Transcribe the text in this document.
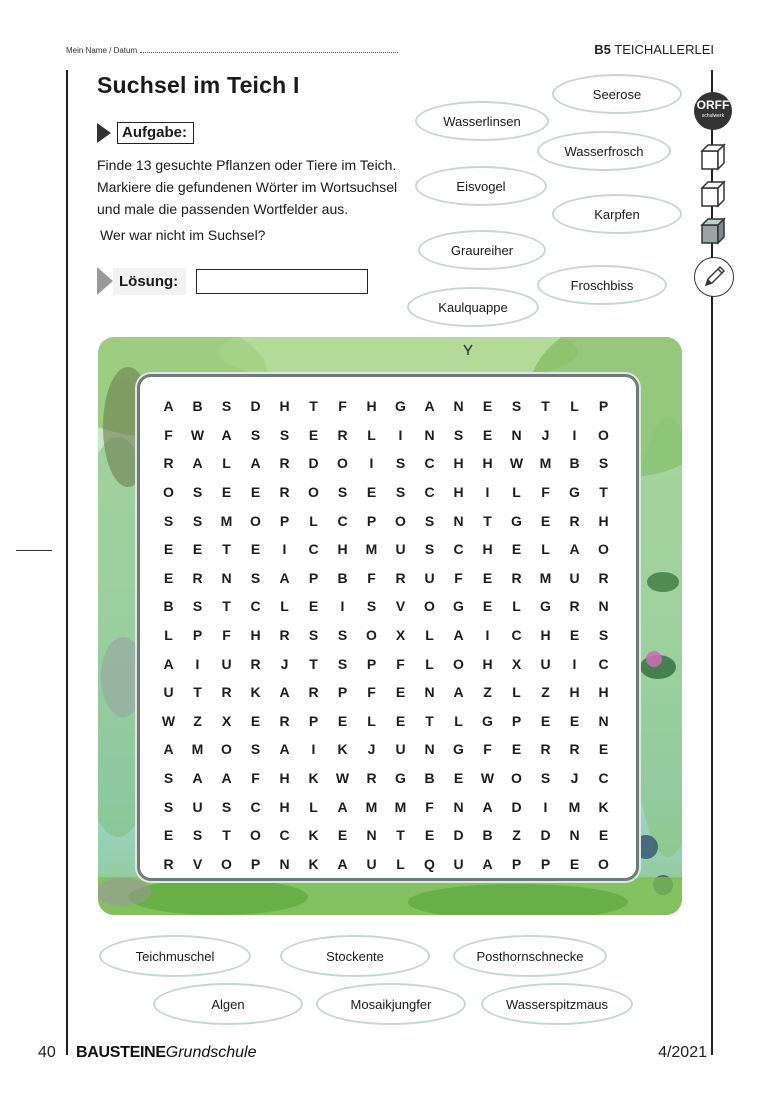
Mein Name / Datum	B5 TEICHALLERLEI
Suchsel im Teich I
Aufgabe:
Finde 13 gesuchte Pflanzen oder Tiere im Teich.
Markiere die gefundenen Wörter im Wortsuchsel
und male die passenden Wortfelder aus.
Wer war nicht im Suchsel?
Lösung:
Seerose
Wasserlinsen
Wasserfrosch
Eisvogel
Karpfen
Graureiher
Froschbiss
Kaulquappe
ORFF
schulwerk

A	B	S	D	H	T	F	H	G	A	N	E	S	T	L	P
F	W	A	S	S	E	R	L	I	N	S	E	N	J	I	O
R	A	L	A	R	D	O	I	S	C	H	H	W	M	B	S
O	S	E	E	R	O	S	E	S	C	H	I	L	F	G	T
S	S	M	O	P	L	C	P	O	S	N	T	G	E	R	H
E	E	T	E	I	C	H	M	U	S	C	H	E	L	A	O
E	R	N	S	A	P	B	F	R	U	F	E	R	M	U	R
B	S	T	C	L	E	I	S	V	O	G	E	L	G	R	N
L	P	F	H	R	S	S	O	X	L	A	I	C	H	E	S
A	I	U	R	J	T	S	P	F	L	O	H	X	U	I	C
U	T	R	K	A	R	P	F	E	N	A	Z	L	Z	H	H
W	Z	X	E	R	P	E	L	E	T	L	G	P	E	E	N
A	M	O	S	A	I	K	J	U	N	G	F	E	R	R	E
S	A	A	F	H	K	W	R	G	B	E	W	O	S	J	C
S	U	S	C	H	L	A	M	M	F	N	A	D	I	M	K
E	S	T	O	C	K	E	N	T	E	D	B	Z	D	N	E
R	V	O	P	N	K	A	U	L	Q	U	A	P	P	E	O
Teichmuschel	Stockente	Posthornschnecke
Algen	Mosaikjungfer	Wasserspitzmaus
40 BAUSTEINEGrundschule	4/2021
